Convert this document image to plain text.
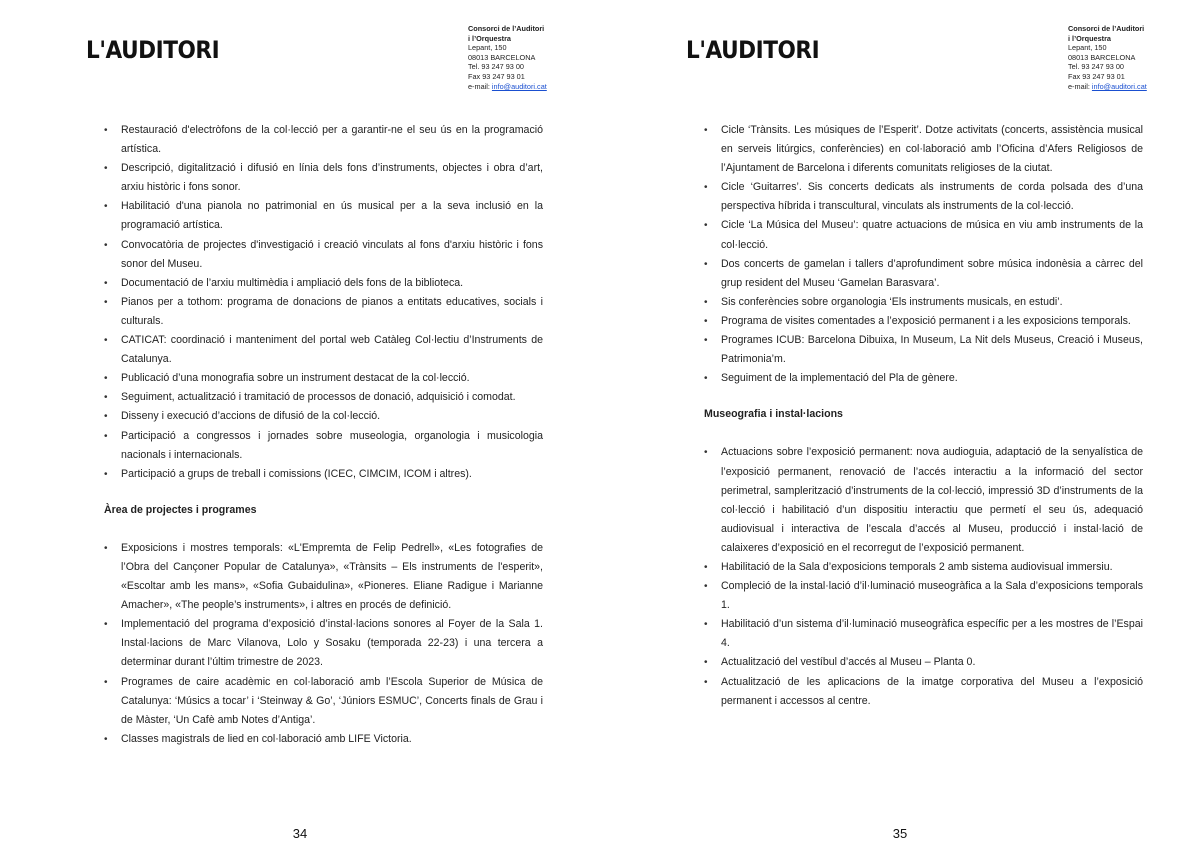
L'AUDITORI
Consorci de l’Auditori
i l’Orquestra
Lepant, 150
08013 BARCELONA
Tel. 93 247 93 00
Fax 93 247 93 01
e-mail: info@auditori.cat
• Restauració d'electròfons de la col·lecció per a garantir-ne el seu ús en la programació artística.
• Descripció, digitalització i difusió en línia dels fons d’instruments, objectes i obra d’art, arxiu històric i fons sonor.
• Habilitació d'una pianola no patrimonial en ús musical per a la seva inclusió en la programació artística.
• Convocatòria de projectes d'investigació i creació vinculats al fons d'arxiu històric i fons sonor del Museu.
• Documentació de l’arxiu multimèdia i ampliació dels fons de la biblioteca.
• Pianos per a tothom: programa de donacions de pianos a entitats educatives, socials i culturals.
• CATICAT: coordinació i manteniment del portal web Catàleg Col·lectiu d’Instruments de Catalunya.
• Publicació d’una monografia sobre un instrument destacat de la col·lecció.
• Seguiment, actualització i tramitació de processos de donació, adquisició i comodat.
• Disseny i execució d’accions de difusió de la col·lecció.
• Participació a congressos i jornades sobre museologia, organologia i musicologia nacionals i internacionals.
• Participació a grups de treball i comissions (ICEC, CIMCIM, ICOM i altres).
Àrea de projectes i programes
• Exposicions i mostres temporals: «L'Empremta de Felip Pedrell», «Les fotografies de l’Obra del Cançoner Popular de Catalunya», «Trànsits – Els instruments de l'esperit», «Escoltar amb les mans», «Sofia Gubaidulina», «Pioneres. Eliane Radigue i Marianne Amacher», «The people’s instruments», i altres en procés de definició.
• Implementació del programa d’exposició d’instal·lacions sonores al Foyer de la Sala 1. Instal·lacions de Marc Vilanova, Lolo y Sosaku (temporada 22-23) i una tercera a determinar durant l’últim trimestre de 2023.
• Programes de caire acadèmic en col·laboració amb l’Escola Superior de Música de Catalunya: ‘Músics a tocar’ i ‘Steinway & Go’, ‘Júniors ESMUC’, Concerts finals de Grau i de Màster, ‘Un Cafè amb Notes d’Antiga’.
• Classes magistrals de lied en col·laboració amb LIFE Victoria.
34
L'AUDITORI
Consorci de l’Auditori
i l’Orquestra
Lepant, 150
08013 BARCELONA
Tel. 93 247 93 00
Fax 93 247 93 01
e-mail: info@auditori.cat
• Cicle ‘Trànsits. Les músiques de l’Esperit’. Dotze activitats (concerts, assistència musical en serveis litúrgics, conferències) en col·laboració amb l’Oficina d’Afers Religiosos de l’Ajuntament de Barcelona i diferents comunitats religioses de la ciutat.
• Cicle ‘Guitarres’. Sis concerts dedicats als instruments de corda polsada des d’una perspectiva híbrida i transcultural, vinculats als instruments de la col·lecció.
• Cicle ‘La Música del Museu’: quatre actuacions de música en viu amb instruments de la col·lecció.
• Dos concerts de gamelan i tallers d’aprofundiment sobre música indonèsia a càrrec del grup resident del Museu ‘Gamelan Barasvara’.
• Sis conferències sobre organologia ‘Els instruments musicals, en estudi’.
• Programa de visites comentades a l’exposició permanent i a les exposicions temporals.
• Programes ICUB: Barcelona Dibuixa, In Museum, La Nit dels Museus, Creació i Museus, Patrimonia’m.
• Seguiment de la implementació del Pla de gènere.
Museografia i instal·lacions
• Actuacions sobre l’exposició permanent: nova audioguia, adaptació de la senyalística de l’exposició permanent, renovació de l’accés interactiu a la informació del sector perimetral, samplerització d’instruments de la col·lecció, impressió 3D d’instruments de la col·lecció i habilitació d’un dispositiu interactiu que permetí el seu ús, adequació audiovisual i interactiva de l’escala d’accés al Museu, producció i instal·lació de calaixeres d’exposició en el recorregut de l’exposició permanent.
• Habilitació de la Sala d’exposicions temporals 2 amb sistema audiovisual immersiu.
• Compleció de la instal·lació d’il·luminació museogràfica a la Sala d’exposicions temporals 1.
• Habilitació d’un sistema d’il·luminació museogràfica específic per a les mostres de l’Espai 4.
• Actualització del vestíbul d’accés al Museu – Planta 0.
• Actualització de les aplicacions de la imatge corporativa del Museu a l’exposició permanent i accessos al centre.
35
